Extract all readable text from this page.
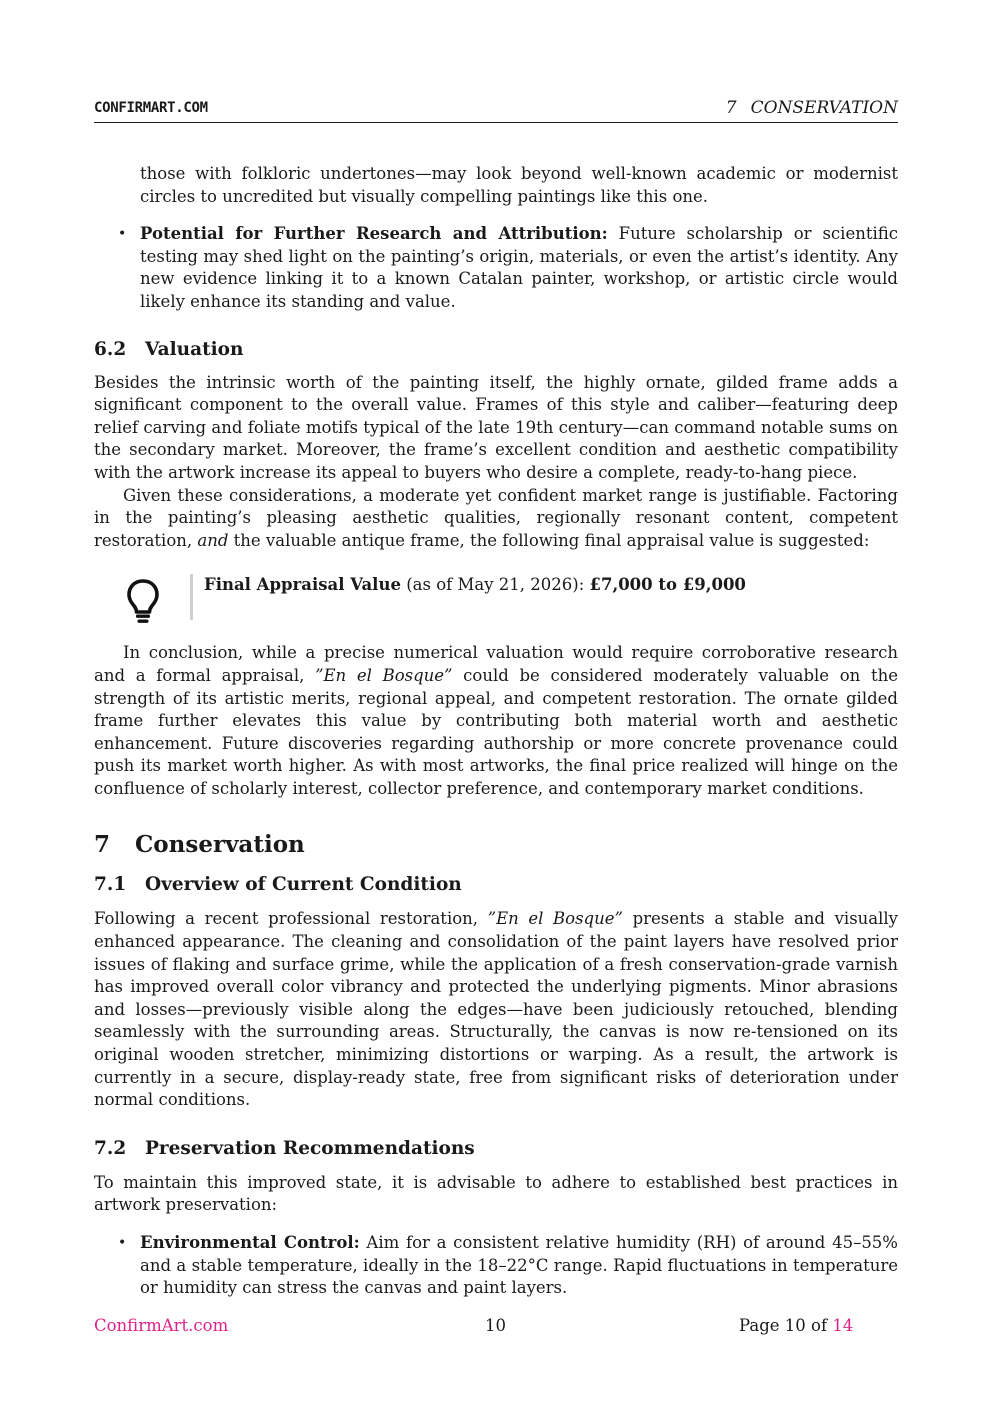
CONFIRMART.COM	7 CONSERVATION

those with folkloric undertones—may look beyond well-known academic or modernist circles to uncredited but visually compelling paintings like this one.

• Potential for Further Research and Attribution: Future scholarship or scientific testing may shed light on the painting’s origin, materials, or even the artist’s identity. Any new evidence linking it to a known Catalan painter, workshop, or artistic circle would likely enhance its standing and value.
6.2 Valuation

Besides the intrinsic worth of the painting itself, the highly ornate, gilded frame adds a significant component to the overall value. Frames of this style and caliber—featuring deep relief carving and foliate motifs typical of the late 19th century—can command notable sums on the secondary market. Moreover, the frame’s excellent condition and aesthetic compatibility with the artwork increase its appeal to buyers who desire a complete, ready-to-hang piece.

Given these considerations, a moderate yet confident market range is justifiable. Factoring in the painting’s pleasing aesthetic qualities, regionally resonant content, competent restoration, and the valuable antique frame, the following final appraisal value is suggested:

Final Appraisal Value (as of May 21, 2026): £7,000 to £9,000

In conclusion, while a precise numerical valuation would require corroborative research and a formal appraisal, ”En el Bosque” could be considered moderately valuable on the strength of its artistic merits, regional appeal, and competent restoration. The ornate gilded frame further elevates this value by contributing both material worth and aesthetic enhancement. Future discoveries regarding authorship or more concrete provenance could push its market worth higher. As with most artworks, the final price realized will hinge on the confluence of scholarly interest, collector preference, and contemporary market conditions.

7 Conservation
7.1 Overview of Current Condition

Following a recent professional restoration, ”En el Bosque” presents a stable and visually enhanced appearance. The cleaning and consolidation of the paint layers have resolved prior issues of flaking and surface grime, while the application of a fresh conservation-grade varnish has improved overall color vibrancy and protected the underlying pigments. Minor abrasions and losses—previously visible along the edges—have been judiciously retouched, blending seamlessly with the surrounding areas. Structurally, the canvas is now re-tensioned on its original wooden stretcher, minimizing distortions or warping. As a result, the artwork is currently in a secure, display-ready state, free from significant risks of deterioration under normal conditions.

7.2 Preservation Recommendations

To maintain this improved state, it is advisable to adhere to established best practices in artwork preservation:

• Environmental Control: Aim for a consistent relative humidity (RH) of around 45–55% and a stable temperature, ideally in the 18–22°C range. Rapid fluctuations in temperature or humidity can stress the canvas and paint layers.
ConfirmArt.com	10	Page 10 of 14
